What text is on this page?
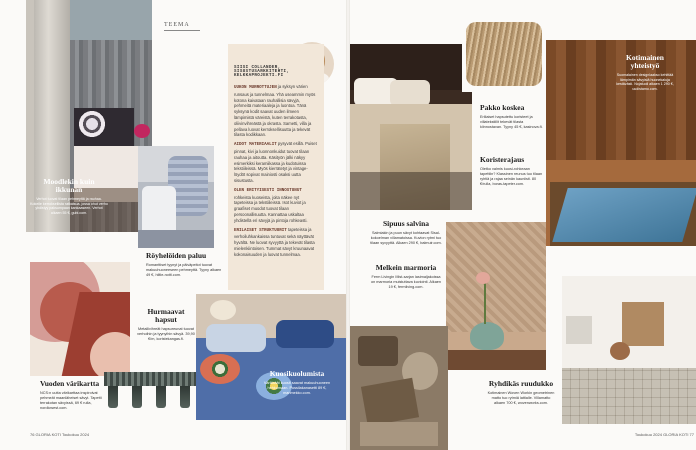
Moodlekin kuin ikkunan
Verhot tuovat tilaan pehmeyttä ja rauhaa. Kokeile kerroksellista ratkaisua, jossa ohut verho yhdistyy paksumpaan kankaaseen. Verhot alkaen 55 €, gubi.com.
TEEMA
SIISI COLLANDER,
SISUSTUSARKKITEHTI,
KELKKAPROJEKTI.FI
UUKON MURROTTUJEN ja syksyn värien runsaus ja tunnelmaa. Yhä useammin myös kotona kaivataan rauhallisia sävyjä, pehmeitä materiaaleja ja luontoa. Tänä syksynä kodit saavat uuden ilmeen lämpimistä väreistä, kuten terrakotasta, oliivinvihreästä ja okrasta. Sametti, villa ja pellava luovat kerroksellisuutta ja tekevät tilasta kodikkaan.
AIDOT MATERIAALIT pysyvät esillä. Puiset pinnat, kivi ja luonnonkuidut tuovat tilaan rauhaa ja aitoutta. Käsityön jälki näkyy esimerkiksi keramiikassa ja kudotuissa tekstiileissä. Myös kierrätetyt ja vintage-löydöt sopivat mainiosti osaksi uutta sisustusta.
OLEN ERITYISESTI INNOSTUNUT rohkeista kuoseista, joita näkee nyt tapeteissa ja tekstiileissä. Isot kuviot ja graafiset muodot tuovat tilaan persoonallisuutta. Kannattaa uskaltaa yhdistellä eri sävyjä ja pintoja rohkeasti.
ERILAISET STRUKTUURIT tapeteissa ja verhoiluhkankaissa tuntuvat sekä näyttävät hyvältä. Ne luovat syvyyttä ja tekevät tilasta mielenkiintoisen. Tummat sävyt kruunaavat kokonaisuuden ja luovat tunnelmaa.
Röyhelöiden paluu
Romanttiset tyynyt ja päiväpeitot tuovat makuuhuoneeseen pehmeyttä. Tyyny alkaen 49 €, hiltle-notti.com.
Hurmaavat hapsut
Metallivihreät hapsureunat tuovat verhoihin ja tyynyihin sävyä. 39,90 €/m, koristekangas.fi.
Vuoden värikartta
NCS:n uutta värikarttaa inspiroivat pehmeät maanläheiset sävyt. Tapetti terrakotan sävyissä, 69 € rulla, nordicwest.com.
Kuosikuolumista
Värikkäät kuosit saavat makuuhuoneen hehkumaan. Pussilakanasetti 89 €, marimekko.com.
76 GLORIA KOTI Toukokuu 2024
Pakko koskea
Eriliaiset hapsutettu koristeet ja villatekstiilit tekevät tilasta kiinnostavan. Tyyny 45 €, kasinova.fi.
Koristerajaus
Oletko valmis kuosi-rohkeaan tapettiin? Klassinen reunus tuo tilaan ryhtiä ja rajaa seinän kauniisti. 80 €/rulla, boras-tapeter.com.
Kotimainen yhteistyö
Suomalainen designlaakso kehittää lämpimän sävyisiä huonekaluja kestävästi. Nojatuoli alkaen 1 290 €, uudistamo.com.
Sipuus salvina
Salmiakin ja puun sävyt kohtaavat Sisal-kokoelman villamatoissa. Kuvion rytmi tuo tilaan syvyyttä. Alkaen 290 €, balmuir.com.
Melkein marmoria
Ferm Livingin Mist-sarjan lasimaljakoissa on marmoria muistuttava kuviointi. Alkaen 19 €, fermliving.com.
Ryhdikäs ruudukko
Kotimainen Woven Workin geometrinen matto tuo rytmiä lattialle. Villamatto alkaen 700 €, wovenworks.com.
Toukokuu 2024 GLORIA KOTI 77
